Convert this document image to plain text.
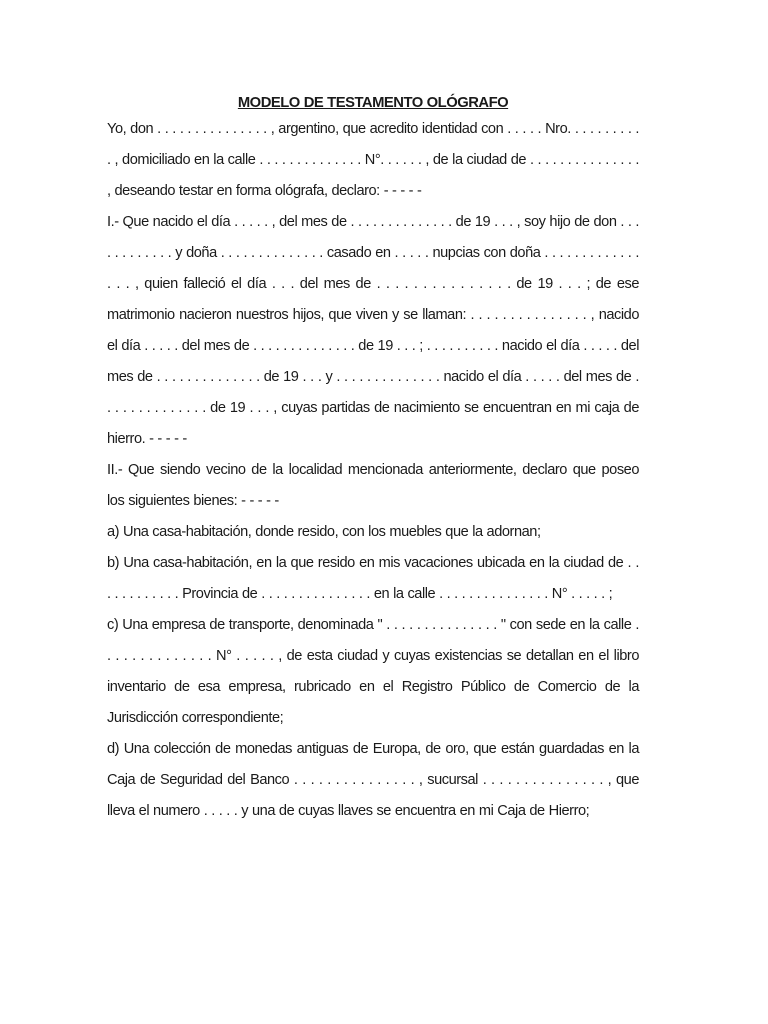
MODELO DE TESTAMENTO OLÓGRAFO

Yo, don . . . . . . . . . . . . . . . , argentino, que acredito identidad con . . . . . Nro. . . . . . . . . . . , domiciliado en la calle . . . . . . . . . . . . . . N°. . . . . . , de la ciudad de . . . . . . . . . . . . . . . , deseando testar en forma ológrafa, declaro: - - - - -

I.- Que nacido el día . . . . . , del mes de . . . . . . . . . . . . . . de 19 . . . , soy hijo de don . . . . . . . . . . . . y doña . . . . . . . . . . . . . . casado en . . . . . nupcias con doña . . . . . . . . . . . . . . . . , quien falleció el día . . . del mes de . . . . . . . . . . . . . . . de 19 . . . ; de ese matrimonio nacieron nuestros hijos, que viven y se llaman: . . . . . . . . . . . . . . . , nacido el día . . . . . del mes de . . . . . . . . . . . . . . de 19 . . . ; . . . . . . . . . . nacido el día . . . . . del mes de . . . . . . . . . . . . . . de 19 . . . y . . . . . . . . . . . . . . nacido el día . . . . . del mes de . . . . . . . . . . . . . . de 19 . . . , cuyas partidas de nacimiento se encuentran en mi caja de hierro. - - - - -

II.- Que siendo vecino de la localidad mencionada anteriormente, declaro que poseo los siguientes bienes: - - - - -

a) Una casa-habitación, donde resido, con los muebles que la adornan;

b) Una casa-habitación, en la que resido en mis vacaciones ubicada en la ciudad de . . . . . . . . . . . . Provincia de . . . . . . . . . . . . . . . en la calle . . . . . . . . . . . . . . . N° . . . . . ;

c) Una empresa de transporte, denominada " . . . . . . . . . . . . . . . " con sede en la calle . . . . . . . . . . . . . . N° . . . . . , de esta ciudad y cuyas existencias se detallan en el libro inventario de esa empresa, rubricado en el Registro Público de Comercio de la Jurisdicción correspondiente;

d) Una colección de monedas antiguas de Europa, de oro, que están guardadas en la Caja de Seguridad del Banco . . . . . . . . . . . . . . . , sucursal . . . . . . . . . . . . . . . , que lleva el numero . . . . . y una de cuyas llaves se encuentra en mi Caja de Hierro;
